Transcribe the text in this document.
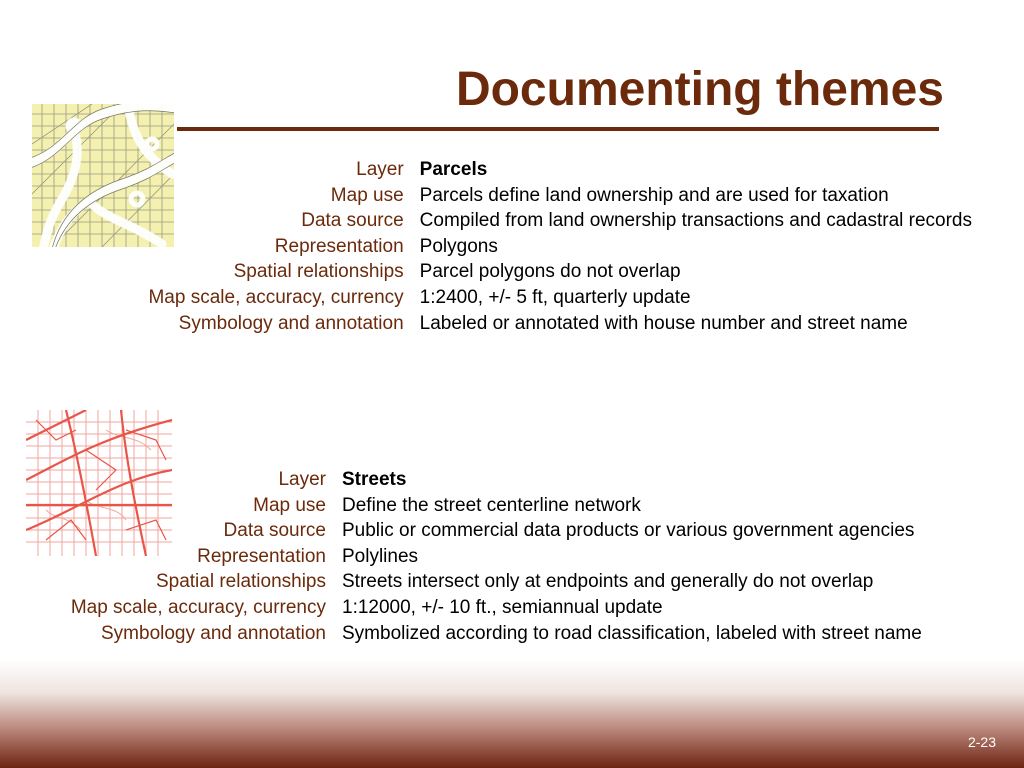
Documenting themes
Layer	Parcels
Map use	Parcels define land ownership and are used for taxation
Data source	Compiled from land ownership transactions and cadastral records
Representation	Polygons
Spatial relationships	Parcel polygons do not overlap
Map scale, accuracy, currency	1:2400, +/- 5 ft, quarterly update
Symbology and annotation	Labeled or annotated with house number and street name
Layer	Streets
Map use	Define the street centerline network
Data source	Public or commercial data products or various government agencies
Representation	Polylines
Spatial relationships	Streets intersect only at endpoints and generally do not overlap
Map scale, accuracy, currency	1:12000, +/- 10 ft., semiannual update
Symbology and annotation	Symbolized according to road classification, labeled with street name
2-23
